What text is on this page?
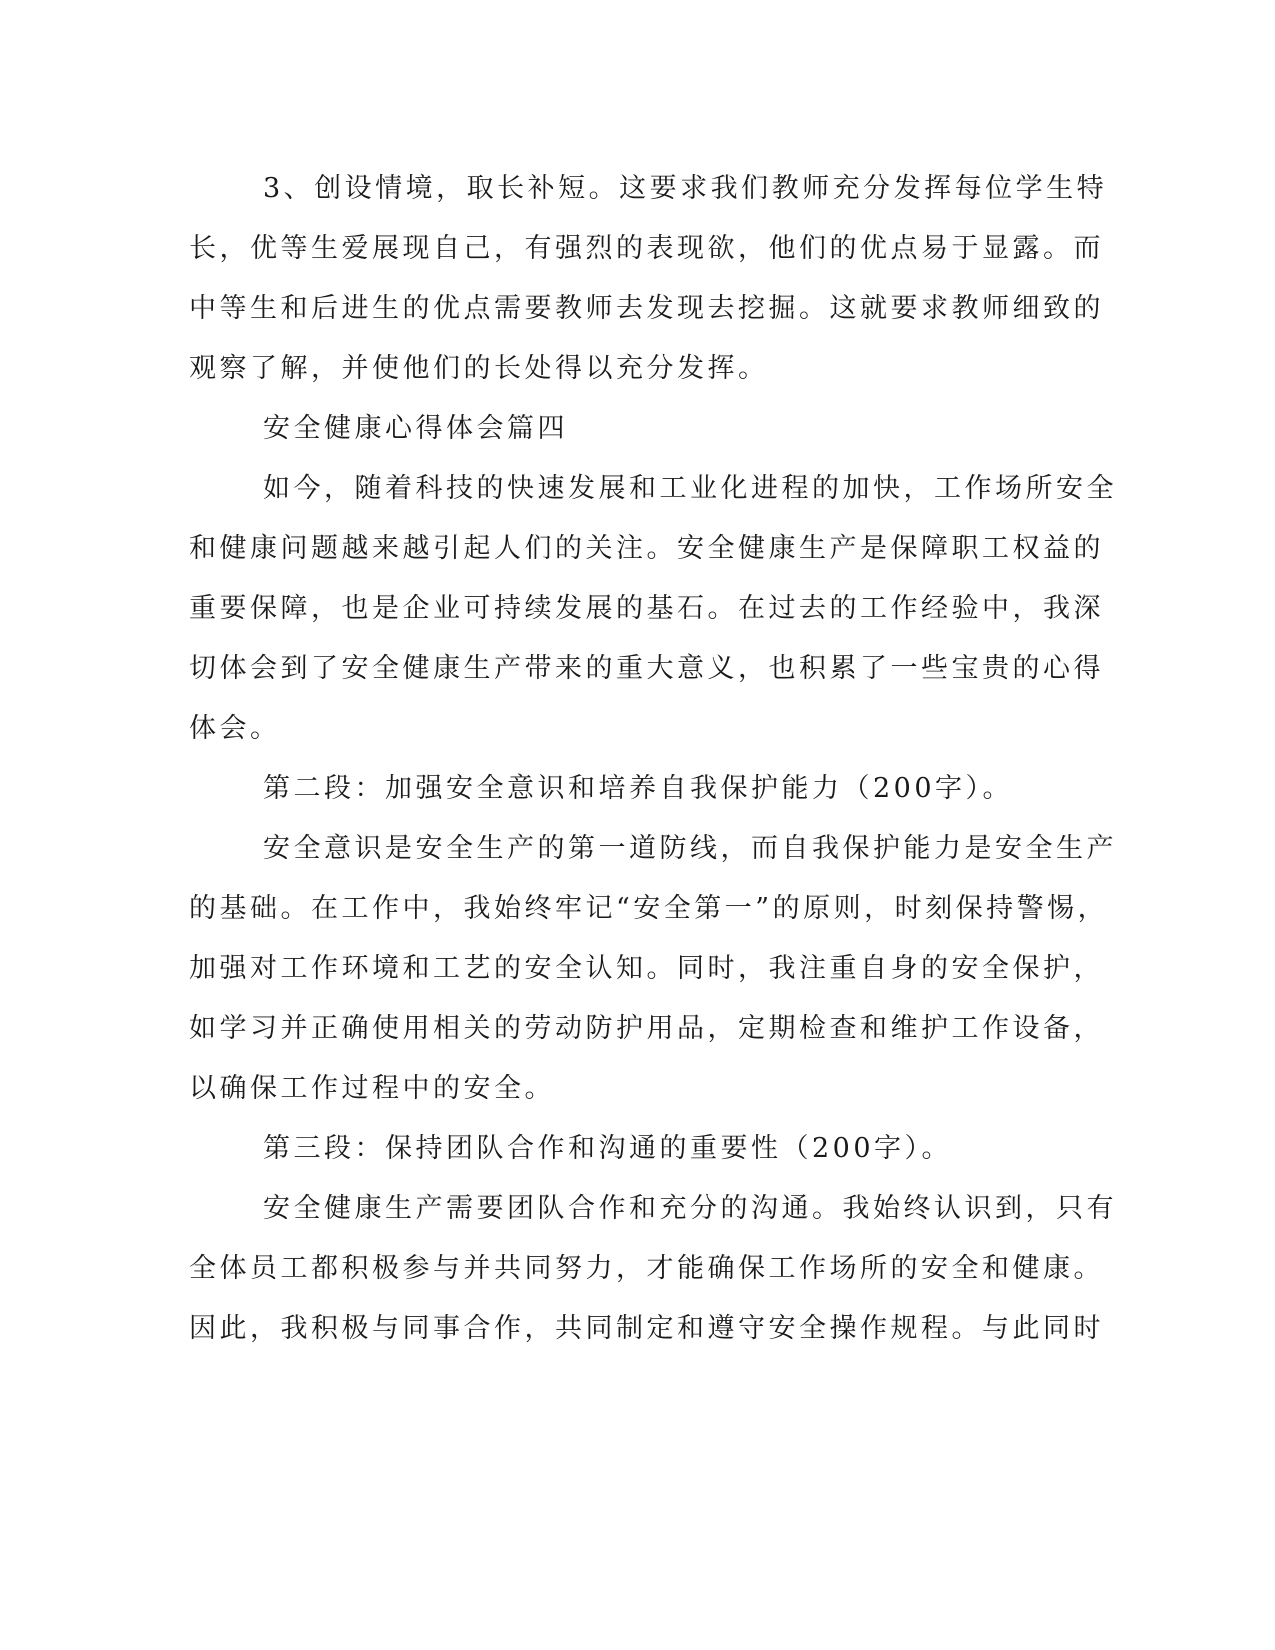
3、创设情境，取长补短。这要求我们教师充分发挥每位学生特
长，优等生爱展现自己，有强烈的表现欲，他们的优点易于显露。而
中等生和后进生的优点需要教师去发现去挖掘。这就要求教师细致的
观察了解，并使他们的长处得以充分发挥。
安全健康心得体会篇四
如今，随着科技的快速发展和工业化进程的加快，工作场所安全
和健康问题越来越引起人们的关注。安全健康生产是保障职工权益的
重要保障，也是企业可持续发展的基石。在过去的工作经验中，我深
切体会到了安全健康生产带来的重大意义，也积累了一些宝贵的心得
体会。
第二段：加强安全意识和培养自我保护能力（200字）。
安全意识是安全生产的第一道防线，而自我保护能力是安全生产
的基础。在工作中，我始终牢记“安全第一”的原则，时刻保持警惕，
加强对工作环境和工艺的安全认知。同时，我注重自身的安全保护，
如学习并正确使用相关的劳动防护用品，定期检查和维护工作设备，
以确保工作过程中的安全。
第三段：保持团队合作和沟通的重要性（200字）。
安全健康生产需要团队合作和充分的沟通。我始终认识到，只有
全体员工都积极参与并共同努力，才能确保工作场所的安全和健康。
因此，我积极与同事合作，共同制定和遵守安全操作规程。与此同时
